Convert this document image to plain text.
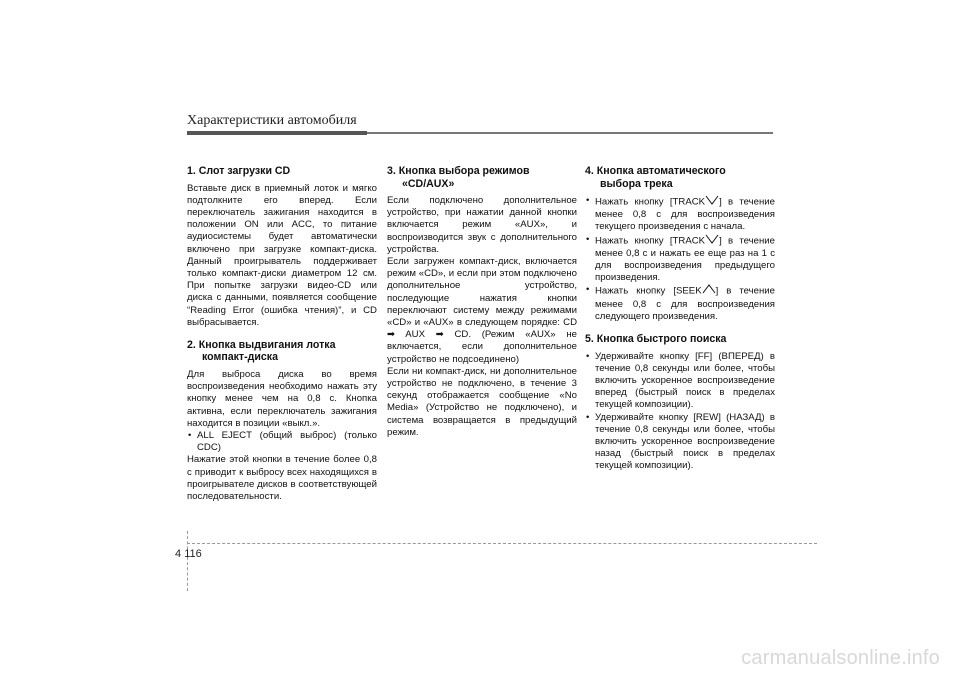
Характеристики автомобиля
1. Слот загрузки CD

Вставьте диск в приемный лоток и мягко подтолкните его вперед. Если переключатель зажигания находится в положении ON или ACC, то питание аудиосистемы будет автоматически включено при загрузке компакт-диска. Данный проигрыватель поддерживает только компакт-диски диаметром 12 см. При попытке загрузки видео-CD или диска с данными, появляется сообщение “Reading Error (ошибка чтения)”, и CD выбрасывается.

2. Кнопка выдвигания лотка
компакт-диска

Для выброса диска во время воспроизведения необходимо нажать эту кнопку менее чем на 0,8 с. Кнопка активна, если переключатель зажигания находится в позиции «выкл.».

• ALL EJECT (общий выброс) (только CDC)

Нажатие этой кнопки в течение более 0,8 с приводит к выбросу всех находящихся в проигрывателе дисков в соответствующей последовательности.

3. Кнопка выбора режимов
«CD/AUX»

Если подключено дополнительное устройство, при нажатии данной кнопки включается режим «AUX», и воспроизводится звук с дополнительного устройства.

Если загружен компакт-диск, включается режим «CD», и если при этом подключено дополнительное устройство, последующие нажатия кнопки переключают систему между режимами «CD» и «AUX» в следующем порядке: CD ➡ AUX ➡ CD. (Режим «AUX» не включается, если дополнительное устройство не подсоединено)

Если ни компакт-диск, ни дополнительное устройство не подключено, в течение 3 секунд отображается сообщение «No Media» (Устройство не подключено), и система возвращается в предыдущий режим.

4. Кнопка автоматического
выбора трека
• Нажать кнопку [TRACK ] в течение менее 0,8 с для воспроизведения текущего произведения с начала.
• Нажать кнопку [TRACK ] в течение менее 0,8 с и нажать ее еще раз на 1 с для воспроизведения предыдущего произведения.
• Нажать кнопку [SEEK ] в течение менее 0,8 с для воспроизведения следующего произведения.
5. Кнопка быстрого поиска
• Удерживайте кнопку [FF] (ВПЕРЕД) в течение 0,8 секунды или более, чтобы включить ускоренное воспроизведение вперед (быстрый поиск в пределах текущей композиции).
• Удерживайте кнопку [REW] (НАЗАД) в течение 0,8 секунды или более, чтобы включить ускоренное воспроизведение назад (быстрый поиск в пределах текущей композиции).
4 116
carmanualsonline.info
